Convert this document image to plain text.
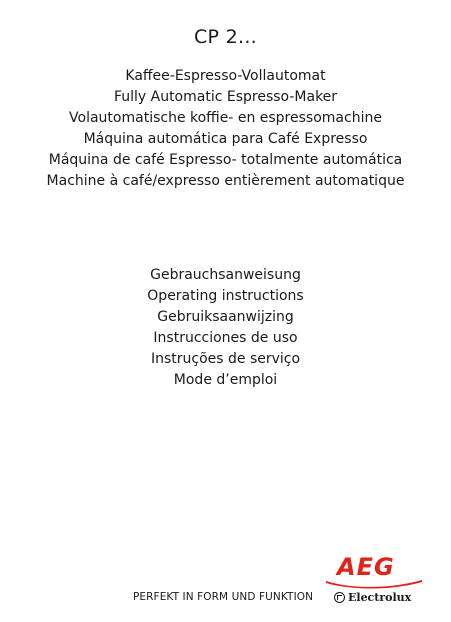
CP 2...
Kaffee-Espresso-Vollautomat
Fully Automatic Espresso-Maker
Volautomatische koffie- en espressomachine
Máquina automática para Café Expresso
Máquina de café Espresso- totalmente automática
Machine à café/expresso entièrement automatique
Gebrauchsanweisung
Operating instructions
Gebruiksaanwijzing
Instrucciones de uso
Instruções de serviço
Mode d’emploi
PERFEKT IN FORM UND FUNKTION
AEG
Electrolux
